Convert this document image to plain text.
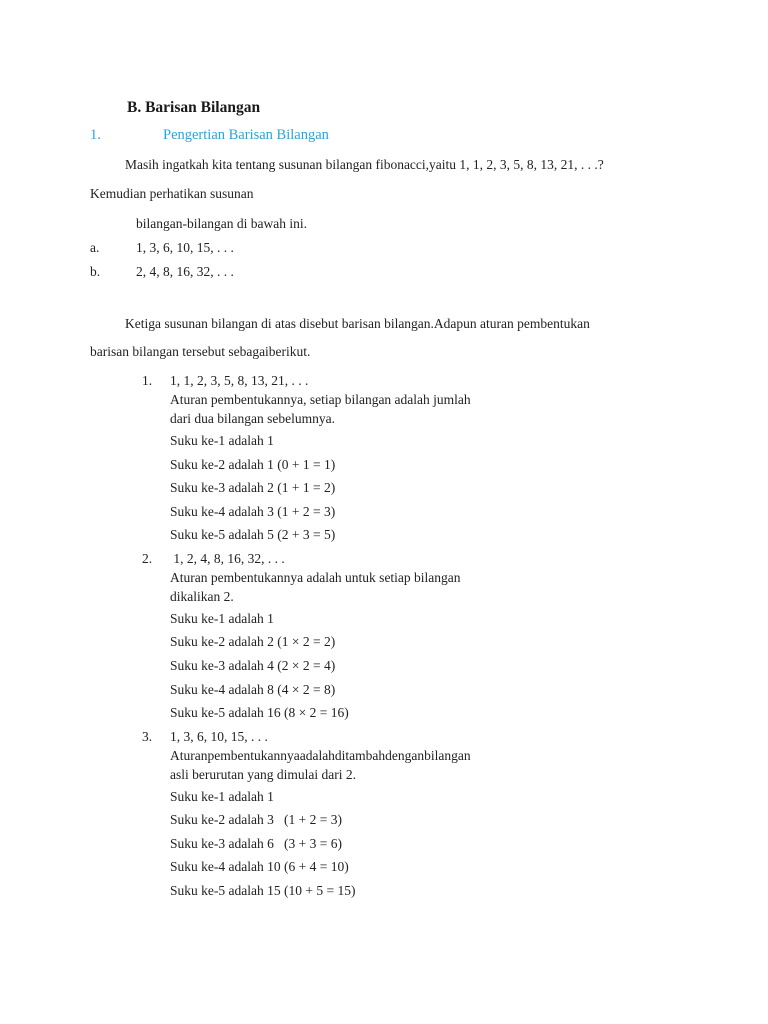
B. Barisan Bilangan
1.	Pengertian Barisan Bilangan
Masih ingatkah kita tentang susunan bilangan fibonacci,yaitu 1, 1, 2, 3, 5, 8, 13, 21, . . .?
Kemudian perhatikan susunan
bilangan-bilangan di bawah ini.
a.	1, 3, 6, 10, 15, . . .
b.	2, 4, 8, 16, 32, . . .
Ketiga susunan bilangan di atas disebut barisan bilangan.Adapun aturan pembentukan
barisan bilangan tersebut sebagaiberikut.
1. 1, 1, 2, 3, 5, 8, 13, 21, . . .
Aturan pembentukannya, setiap bilangan adalah jumlah
dari dua bilangan sebelumnya.
Suku ke-1 adalah 1
Suku ke-2 adalah 1 (0 + 1 = 1)
Suku ke-3 adalah 2 (1 + 1 = 2)
Suku ke-4 adalah 3 (1 + 2 = 3)
Suku ke-5 adalah 5 (2 + 3 = 5)
2. 1, 2, 4, 8, 16, 32, . . .
Aturan pembentukannya adalah untuk setiap bilangan
dikalikan 2.
Suku ke-1 adalah 1
Suku ke-2 adalah 2 (1 × 2 = 2)
Suku ke-3 adalah 4 (2 × 2 = 4)
Suku ke-4 adalah 8 (4 × 2 = 8)
Suku ke-5 adalah 16 (8 × 2 = 16)
3. 1, 3, 6, 10, 15, . . .
Aturanpembentukannyaadalahditambahdenganbilangan
asli berurutan yang dimulai dari 2.
Suku ke-1 adalah 1
Suku ke-2 adalah 3   (1 + 2 = 3)
Suku ke-3 adalah 6   (3 + 3 = 6)
Suku ke-4 adalah 10 (6 + 4 = 10)
Suku ke-5 adalah 15 (10 + 5 = 15)
